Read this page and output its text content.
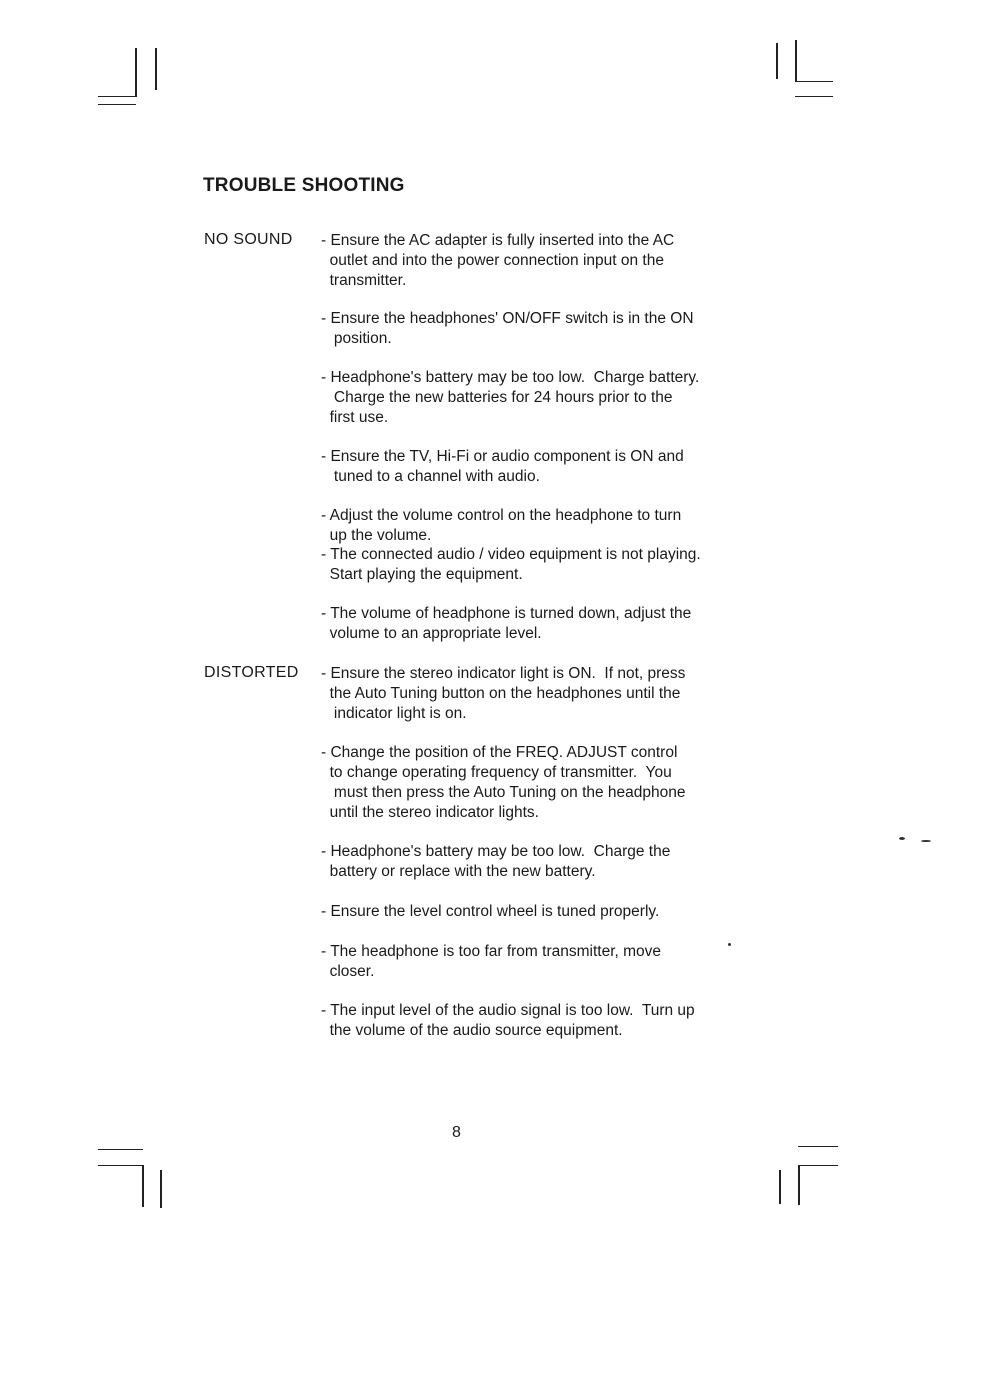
TROUBLE SHOOTING
NO SOUND - Ensure the AC adapter is fully inserted into the AC
outlet and into the power connection input on the
transmitter.
- Ensure the headphones' ON/OFF switch is in the ON
position.
- Headphone's battery may be too low.  Charge battery.
Charge the new batteries for 24 hours prior to the
first use.
- Ensure the TV, Hi-Fi or audio component is ON and
tuned to a channel with audio.
- Adjust the volume control on the headphone to turn
up the volume.
- The connected audio / video equipment is not playing.
Start playing the equipment.
- The volume of headphone is turned down, adjust the
volume to an appropriate level.
DISTORTED - Ensure the stereo indicator light is ON.  If not, press
the Auto Tuning button on the headphones until the
indicator light is on.
- Change the position of the FREQ. ADJUST control
to change operating frequency of transmitter.  You
must then press the Auto Tuning on the headphone
until the stereo indicator lights.
- Headphone's battery may be too low.  Charge the
battery or replace with the new battery.
- Ensure the level control wheel is tuned properly.
- The headphone is too far from transmitter, move
closer.
- The input level of the audio signal is too low.  Turn up
the volume of the audio source equipment.
8
